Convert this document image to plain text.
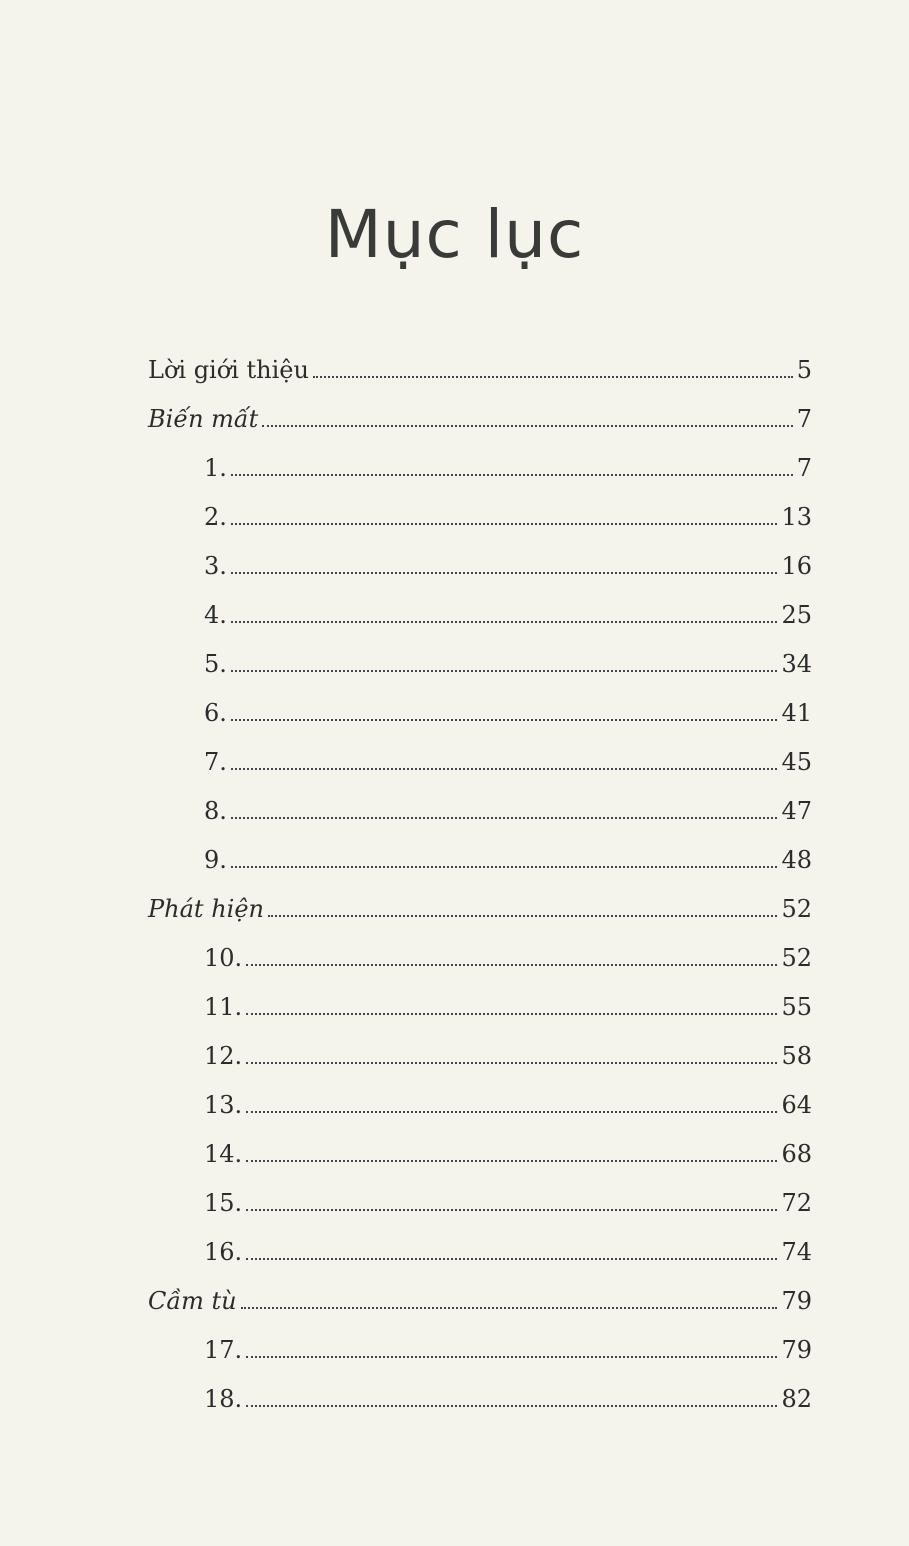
Mục lục
Lời giới thiệu	5
Biến mất	7
1.	7
2.	13
3.	16
4.	25
5.	34
6.	41
7.	45
8.	47
9.	48
Phát hiện	52
10.	52
11.	55
12.	58
13.	64
14.	68
15.	72
16.	74
Cầm tù	79
17.	79
18.	82
